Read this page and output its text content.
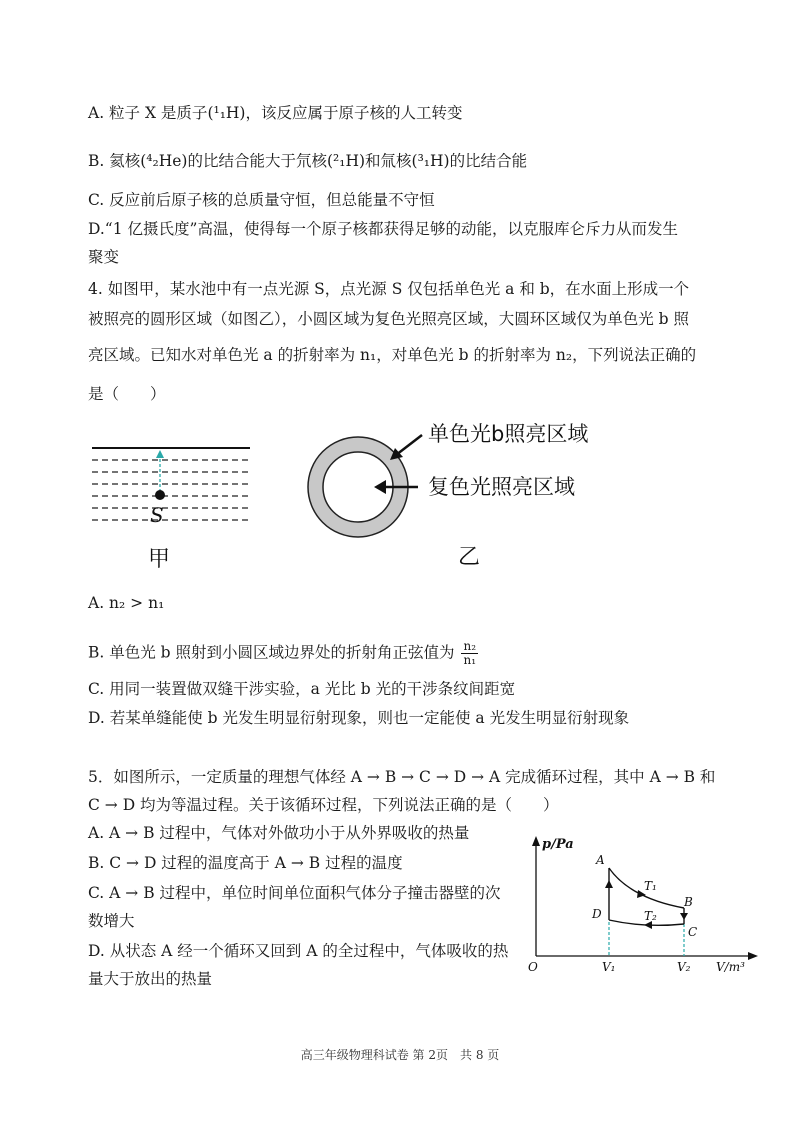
A. 粒子 X 是质子(¹₁H)，该反应属于原子核的人工转变
B. 氦核(⁴₂He)的比结合能大于氘核(²₁H)和氚核(³₁H)的比结合能
C. 反应前后原子核的总质量守恒，但总能量不守恒
D.“1 亿摄氏度”高温，使得每一个原子核都获得足够的动能，以克服库仑斥力从而发生
聚变
4. 如图甲，某水池中有一点光源 S，点光源 S 仅包括单色光 a 和 b，在水面上形成一个
被照亮的圆形区域（如图乙），小圆区域为复色光照亮区域，大圆环区域仅为单色光 b 照
亮区域。已知水对单色光 a 的折射率为 n₁，对单色光 b 的折射率为 n₂，下列说法正确的
是（　　）
S
甲
单色光b照亮区域
复色光照亮区域
乙
A. n₂ > n₁
B. 单色光 b 照射到小圆区域边界处的折射角正弦值为 $\frac{\text{n₂}}{\text{n₁}}$
C. 用同一装置做双缝干涉实验，a 光比 b 光的干涉条纹间距宽
D. 若某单缝能使 b 光发生明显衍射现象，则也一定能使 a 光发生明显衍射现象
5．如图所示，一定质量的理想气体经 A → B → C → D → A 完成循环过程，其中 A → B 和
C → D 均为等温过程。关于该循环过程，下列说法正确的是（　　）
A. A → B 过程中，气体对外做功小于从外界吸收的热量
B. C → D 过程的温度高于 A → B 过程的温度
C. A → B 过程中，单位时间单位面积气体分子撞击器壁的次
数增大
D. 从状态 A 经一个循环又回到 A 的全过程中，气体吸收的热
量大于放出的热量
p/Pa
V/m³
O
A
B
C
D
T₁
T₂
V₁	V₂
高三年级物理科试卷 第 2页　共 8 页
